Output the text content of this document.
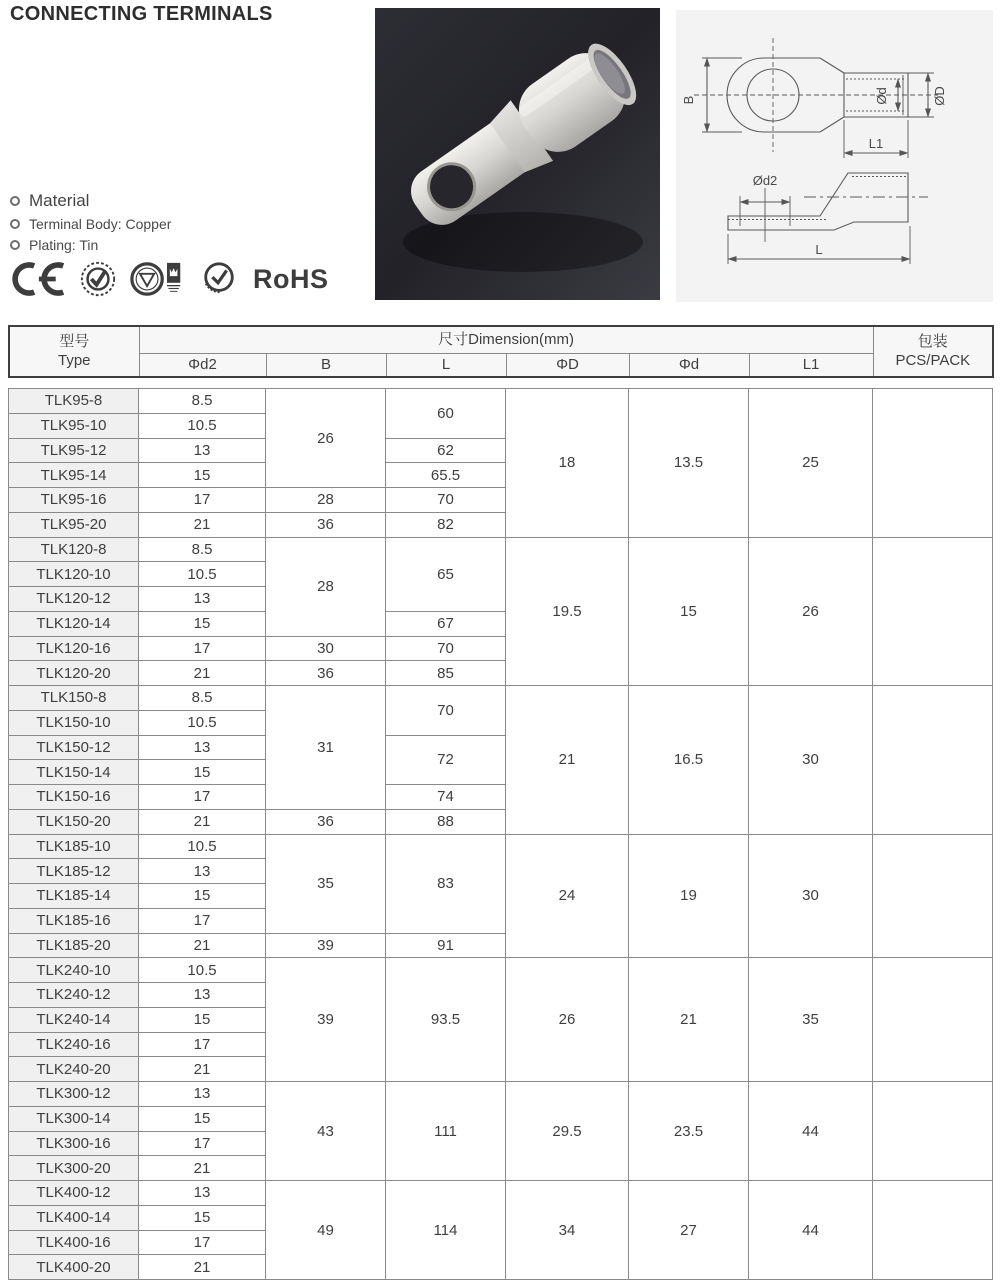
CONNECTING TERMINALS
Material
Terminal Body: Copper
Plating: Tin
RoHS
B	Ød	ØD
L1
Ød2
L
型号
Type
	尺寸Dimension(mm)	包装
PCS/PACK

	Φd2	B	L	ΦD	Φd	L1	
TLK95-8	8.5	26	60	18	13.5	25	
TLK95-10	10.5						
TLK95-12	13		62				
TLK95-14	15		65.5				
TLK95-16	17	28	70				
TLK95-20	21	36	82				
TLK120-8	8.5	28	65	19.5	15	26	
TLK120-10	10.5						
TLK120-12	13						
TLK120-14	15		67				
TLK120-16	17	30	70				
TLK120-20	21	36	85				
TLK150-8	8.5	31	70	21	16.5	30	
TLK150-10	10.5						
TLK150-12	13		72				
TLK150-14	15						
TLK150-16	17		74				
TLK150-20	21	36	88				
TLK185-10	10.5	35	83	24	19	30	
TLK185-12	13						
TLK185-14	15						
TLK185-16	17						
TLK185-20	21	39	91				
TLK240-10	10.5	39	93.5	26	21	35	
TLK240-12	13						
TLK240-14	15						
TLK240-16	17						
TLK240-20	21						
TLK300-12	13	43	111	29.5	23.5	44	
TLK300-14	15						
TLK300-16	17						
TLK300-20	21						
TLK400-12	13	49	114	34	27	44	
TLK400-14	15						
TLK400-16	17						
TLK400-20	21						
